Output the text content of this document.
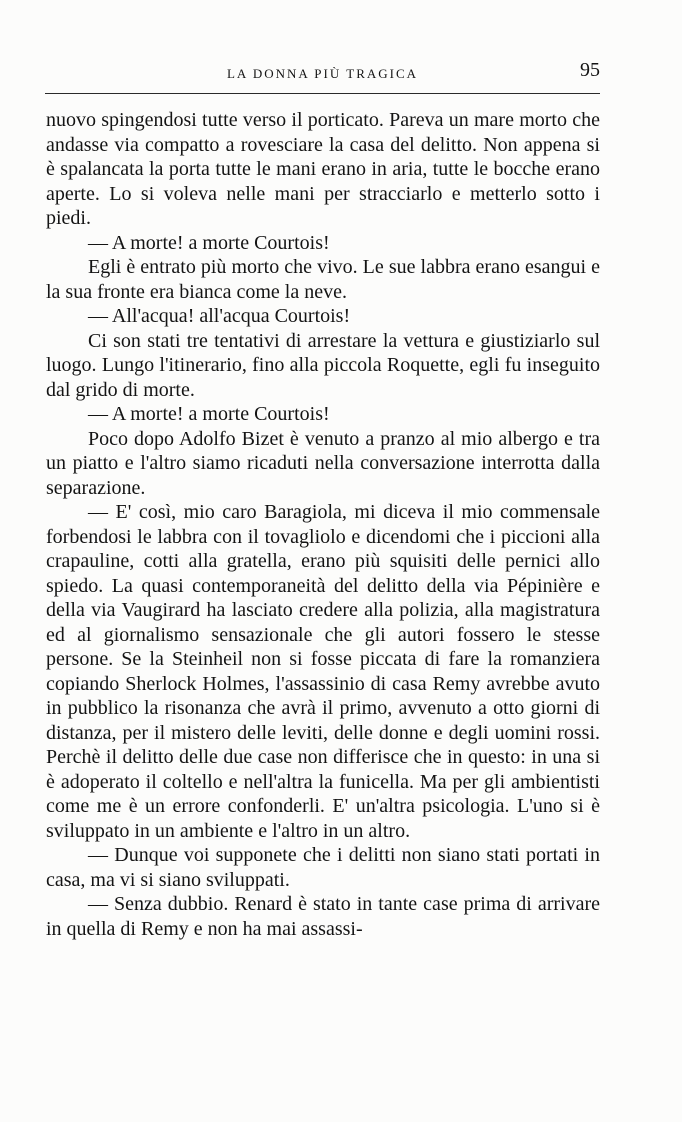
LA DONNA PIÙ TRAGICA	95

nuovo spingendosi tutte verso il porticato. Pareva un mare morto che andasse via compatto a rovesciare la casa del delitto. Non appena si è spalancata la porta tutte le mani erano in aria, tutte le bocche erano aperte. Lo si voleva nelle mani per stracciarlo e metterlo sotto i piedi.

— A morte! a morte Courtois!

Egli è entrato più morto che vivo. Le sue labbra erano esangui e la sua fronte era bianca come la neve.

— All'acqua! all'acqua Courtois!

Ci son stati tre tentativi di arrestare la vettura e giustiziarlo sul luogo. Lungo l'itinerario, fino alla piccola Roquette, egli fu inseguito dal grido di morte.

— A morte! a morte Courtois!

Poco dopo Adolfo Bizet è venuto a pranzo al mio albergo e tra un piatto e l'altro siamo ricaduti nella conversazione interrotta dalla separazione.

— E' così, mio caro Baragiola, mi diceva il mio commensale forbendosi le labbra con il tovagliolo e dicendomi che i piccioni alla crapauline, cotti alla gratella, erano più squisiti delle pernici allo spiedo. La quasi contemporaneità del delitto della via Pépinière e della via Vaugirard ha lasciato credere alla polizia, alla magistratura ed al giornalismo sensazionale che gli autori fossero le stesse persone. Se la Steinheil non si fosse piccata di fare la romanziera copiando Sherlock Holmes, l'assassinio di casa Remy avrebbe avuto in pubblico la risonanza che avrà il primo, avvenuto a otto giorni di distanza, per il mistero delle leviti, delle donne e degli uomini rossi. Perchè il delitto delle due case non differisce che in questo: in una si è adoperato il coltello e nell'altra la funicella. Ma per gli ambientisti come me è un errore confonderli. E' un'altra psicologia. L'uno si è sviluppato in un ambiente e l'altro in un altro.

— Dunque voi supponete che i delitti non siano stati portati in casa, ma vi si siano sviluppati.

— Senza dubbio. Renard è stato in tante case prima di arrivare in quella di Remy e non ha mai assassi-
